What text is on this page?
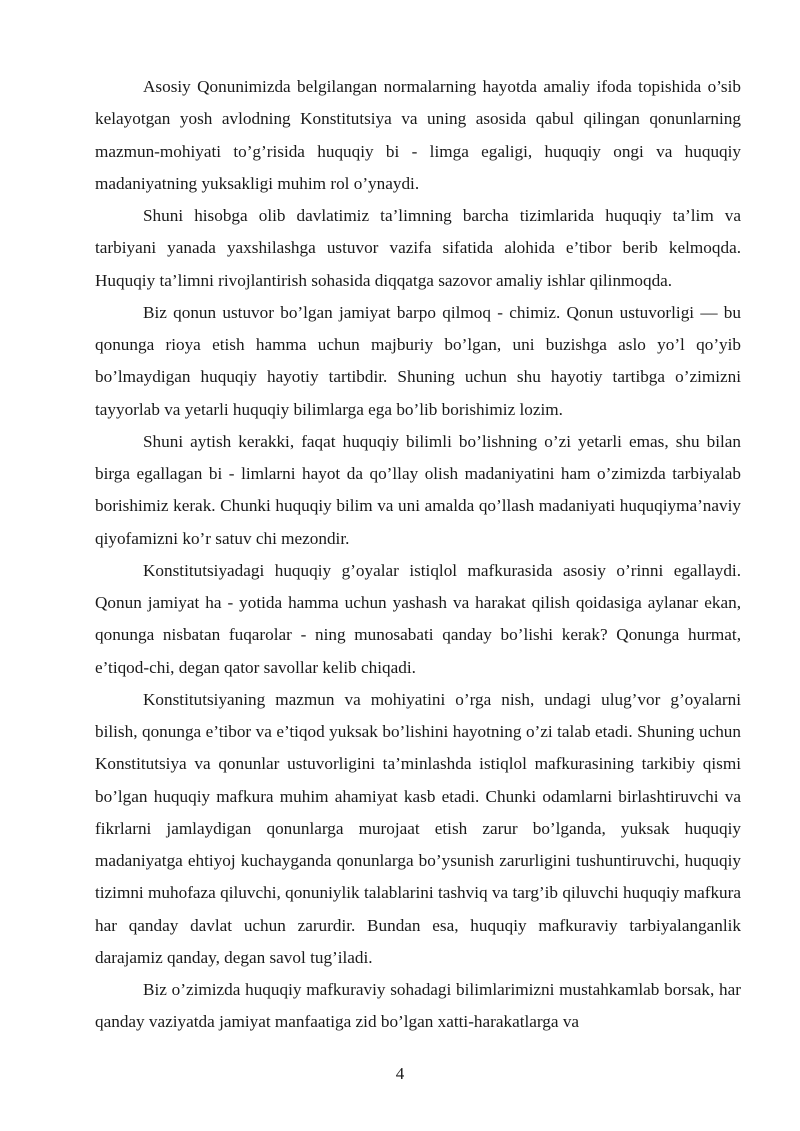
Asosiy Qonunimizda belgilangan normalarning hayotda amaliy ifoda topishida o’sib kelayotgan yosh avlodning Konstitutsiya va uning asosida qabul qilingan qonunlarning mazmun-mohiyati to’g’risida huquqiy bi - limga egaligi, huquqiy ongi va huquqiy madaniyatning yuksakligi muhim rol o’ynaydi.

Shuni hisobga olib davlatimiz ta’limning barcha tizimlarida huquqiy ta’lim va tarbiyani yanada yaxshilashga ustuvor vazifa sifatida alohida e’tibor berib kelmoqda. Huquqiy ta’limni rivojlantirish sohasida diqqatga sazovor amaliy ishlar qilinmoqda.

Biz qonun ustuvor bo’lgan jamiyat barpo qilmoq - chimiz. Qonun ustuvorligi — bu qonunga rioya etish hamma uchun majburiy bo’lgan, uni buzishga aslo yo’l qo’yib bo’lmaydigan huquqiy hayotiy tartibdir. Shuning uchun shu hayotiy tartibga o’zimizni tayyorlab va yetarli huquqiy bilimlarga ega bo’lib borishimiz lozim.

Shuni aytish kerakki, faqat huquqiy bilimli bo’lishning o’zi yetarli emas, shu bilan birga egallagan bi - limlarni hayot da qo’llay olish madaniyatini ham o’zimizda tarbiyalab borishimiz kerak. Chunki huquqiy bilim va uni amalda qo’llash madaniyati huquqiyma’naviy qiyofamizni ko’r satuv chi mezondir.

Konstitutsiyadagi huquqiy g’oyalar istiqlol mafkurasida asosiy o’rinni egallaydi. Qonun jamiyat ha - yotida hamma uchun yashash va harakat qilish qoidasiga aylanar ekan, qonunga nisbatan fuqarolar - ning munosabati qanday bo’lishi kerak? Qonunga hurmat, e’tiqod-chi, degan qator savollar kelib chiqadi.

Konstitutsiyaning mazmun va mohiyatini o’rga nish, undagi ulug’vor g’oyalarni bilish, qonunga e’tibor va e’tiqod yuksak bo’lishini hayotning o’zi talab etadi. Shuning uchun Konstitutsiya va qonunlar ustuvorligini ta’minlashda istiqlol mafkurasining tarkibiy qismi bo’lgan huquqiy mafkura muhim ahamiyat kasb etadi. Chunki odamlarni birlashtiruvchi va fikrlarni jamlaydigan qonunlarga murojaat etish zarur bo’lganda, yuksak huquqiy madaniyatga ehtiyoj kuchayganda qonunlarga bo’ysunish zarurligini tushuntiruvchi, huquqiy tizimni muhofaza qiluvchi, qonuniylik talablarini tashviq va targ’ib qiluvchi huquqiy mafkura har qanday davlat uchun zarurdir. Bundan esa, huquqiy mafkuraviy tarbiyalanganlik darajamiz qanday, degan savol tug’iladi.

Biz o’zimizda huquqiy mafkuraviy sohadagi bilimlarimizni mustahkamlab borsak, har qanday vaziyatda jamiyat manfaatiga zid bo’lgan xatti-harakatlarga va

4
